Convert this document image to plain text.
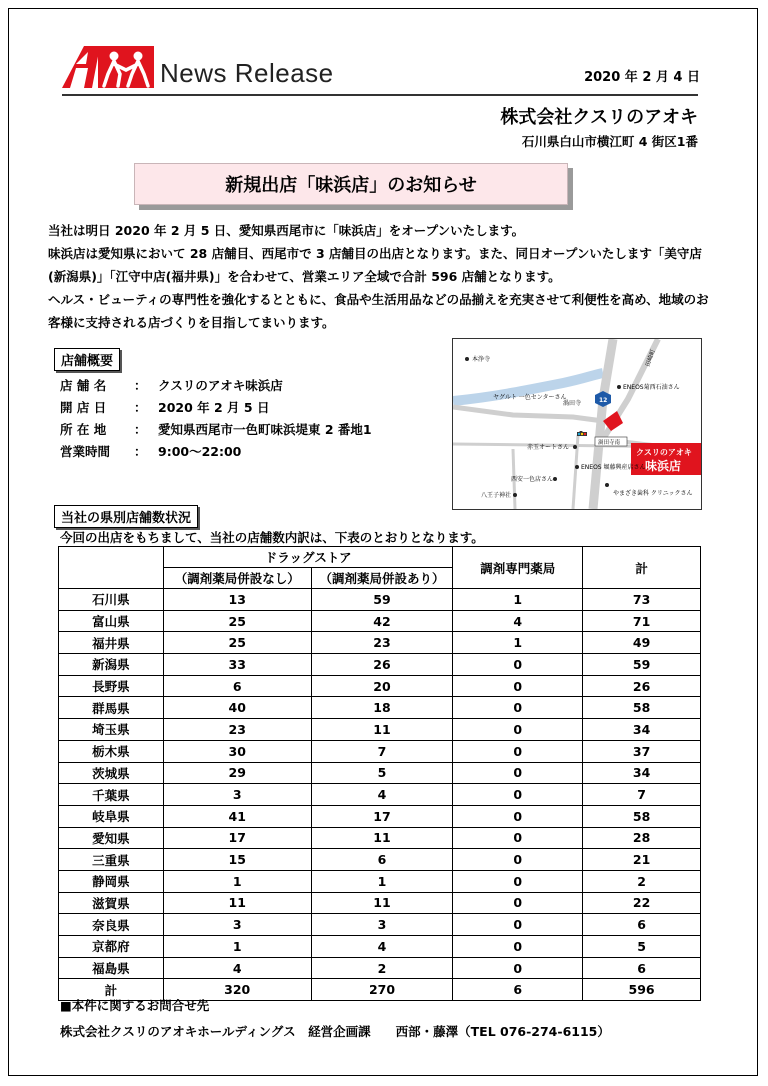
News Release	2020 年 2 月 4 日
株式会社クスリのアオキ
石川県白山市横江町 4 街区1番
新規出店「味浜店」のお知らせ

当社は明日 2020 年 2 月 5 日、愛知県西尾市に「味浜店」をオープンいたします。

味浜店は愛知県において 28 店舗目、西尾市で 3 店舗目の出店となります。また、同日オープンいたします「美守店(新潟県)」「江守中店(福井県)」を合わせて、営業エリア全域で合計 596 店舗となります。

ヘルス・ビューティの専門性を強化するとともに、食品や生活用品などの品揃えを充実させて利便性を高め、地域のお客様に支持される店づくりを目指してまいります。

店舗概要
店 舗 名	： クスリのアオキ味浜店
開 店 日	： 2020 年 2 月 5 日
所 在 地	： 愛知県西尾市一色町味浜堤東 2 番地1
営業時間	： 9:00～22:00	クスリのアオキ
味浜店
本浄寺	田崎町
ENEOS菊西石油さん
ヤグルト 一色センターさん
渦田寺	12
赤玉オートさん
渦田寺南
ENEOS 堀藤興産店さん
西安一色店さん
八王子神社	やまざき歯科 クリニックさん
当社の県別店舗数状況
今回の出店をもちまして、当社の店舗数内訳は、下表のとおりとなります。
	ドラッグストア		調剤専門薬局	計
	（調剤薬局併設なし）	（調剤薬局併設あり）		
石川県	13	59	1	73
富山県	25	42	4	71
福井県	25	23	1	49
新潟県	33	26	0	59
長野県	6	20	0	26
群馬県	40	18	0	58
埼玉県	23	11	0	34
栃木県	30	7	0	37
茨城県	29	5	0	34
千葉県	3	4	0	7
岐阜県	41	17	0	58
愛知県	17	11	0	28
三重県	15	6	0	21
静岡県	1	1	0	2
滋賀県	11	11	0	22
奈良県	3	3	0	6
京都府	1	4	0	5
福島県	4	2	0	6
計	320	270	6	596
■本件に関するお問合せ先
株式会社クスリのアオキホールディングス　経営企画課　　西部・藤澤（TEL 076-274-6115）
